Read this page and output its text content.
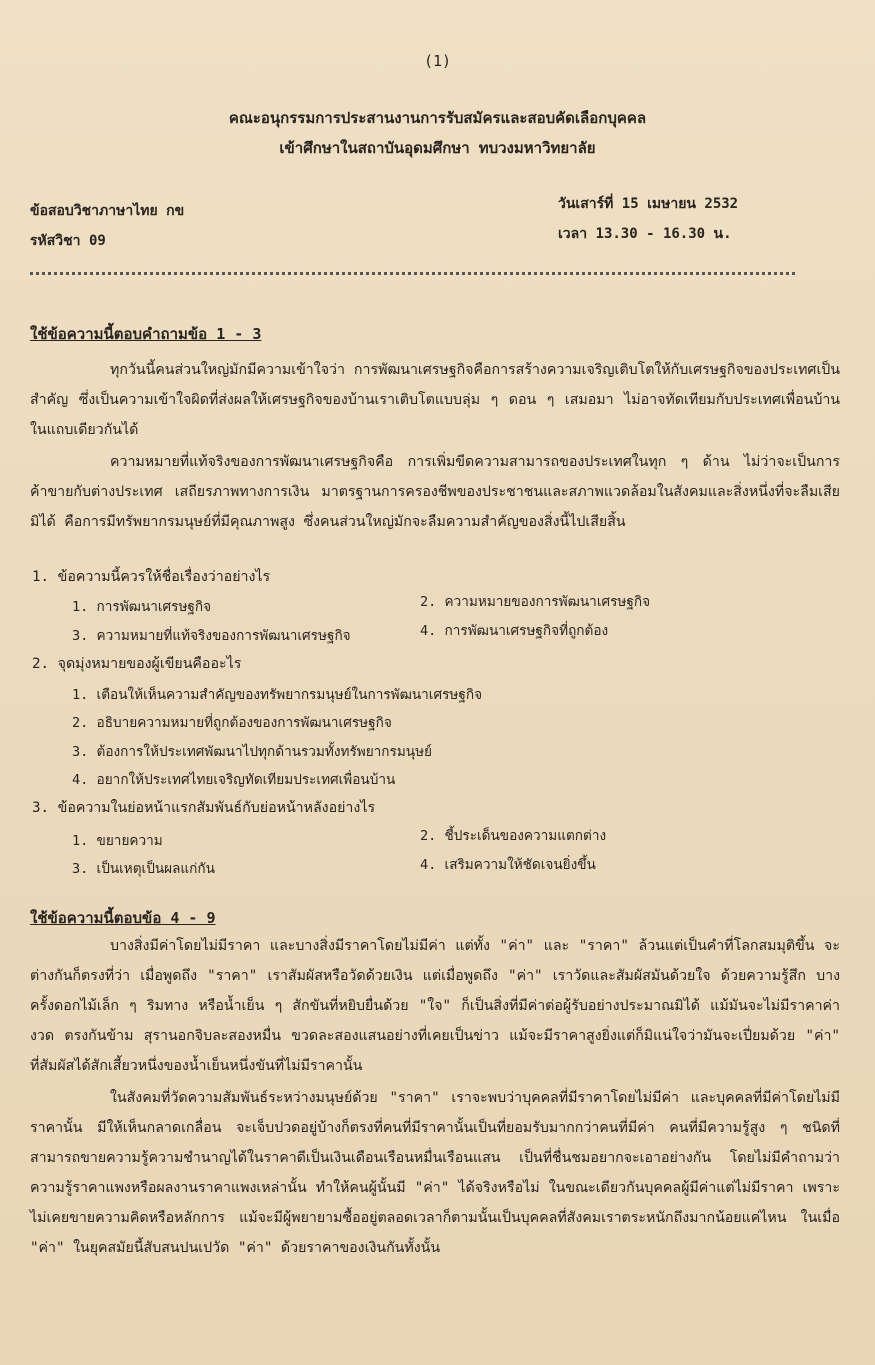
(1)
คณะอนุกรรมการประสานงานการรับสมัครและสอบคัดเลือกบุคคล
เข้าศึกษาในสถาบันอุดมศึกษา ทบวงมหาวิทยาลัย
ข้อสอบวิชาภาษาไทย กข
รหัสวิชา 09
วันเสาร์ที่ 15 เมษายน 2532
เวลา 13.30 - 16.30 น.
ใช้ข้อความนี้ตอบคำถามข้อ 1 - 3
ทุกวันนี้คนส่วนใหญ่มักมีความเข้าใจว่า การพัฒนาเศรษฐกิจคือการสร้างความเจริญเติบโตให้กับเศรษฐกิจของประเทศเป็นสำคัญ ซึ่งเป็นความเข้าใจผิดที่ส่งผลให้เศรษฐกิจของบ้านเราเติบโตแบบลุ่ม ๆ ดอน ๆ เสมอมา ไม่อาจทัดเทียมกับประเทศเพื่อนบ้านในแถบเดียวกันได้
ความหมายที่แท้จริงของการพัฒนาเศรษฐกิจคือ การเพิ่มขีดความสามารถของประเทศในทุก ๆ ด้าน ไม่ว่าจะเป็นการค้าขายกับต่างประเทศ เสถียรภาพทางการเงิน มาตรฐานการครองชีพของประชาชนและสภาพแวดล้อมในสังคมและสิ่งหนึ่งที่จะลืมเสียมิได้ คือการมีทรัพยากรมนุษย์ที่มีคุณภาพสูง ซึ่งคนส่วนใหญ่มักจะลืมความสำคัญของสิ่งนี้ไปเสียสิ้น
1. ข้อความนี้ควรให้ชื่อเรื่องว่าอย่างไร
1. การพัฒนาเศรษฐกิจ	2. ความหมายของการพัฒนาเศรษฐกิจ
3. ความหมายที่แท้จริงของการพัฒนาเศรษฐกิจ	4. การพัฒนาเศรษฐกิจที่ถูกต้อง
2. จุดมุ่งหมายของผู้เขียนคืออะไร
1. เตือนให้เห็นความสำคัญของทรัพยากรมนุษย์ในการพัฒนาเศรษฐกิจ
2. อธิบายความหมายที่ถูกต้องของการพัฒนาเศรษฐกิจ
3. ต้องการให้ประเทศพัฒนาไปทุกด้านรวมทั้งทรัพยากรมนุษย์
4. อยากให้ประเทศไทยเจริญทัดเทียมประเทศเพื่อนบ้าน
3. ข้อความในย่อหน้าแรกสัมพันธ์กับย่อหน้าหลังอย่างไร
1. ขยายความ	2. ชี้ประเด็นของความแตกต่าง
3. เป็นเหตุเป็นผลแก่กัน	4. เสริมความให้ชัดเจนยิ่งขึ้น
ใช้ข้อความนี้ตอบข้อ 4 - 9
บางสิ่งมีค่าโดยไม่มีราคา และบางสิ่งมีราคาโดยไม่มีค่า แต่ทั้ง "ค่า" และ "ราคา" ล้วนแต่เป็นคำที่โลกสมมุติขึ้น จะต่างกันก็ตรงที่ว่า เมื่อพูดถึง "ราคา" เราสัมผัสหรือวัดด้วยเงิน แต่เมื่อพูดถึง "ค่า" เราวัดและสัมผัสมันด้วยใจ ด้วยความรู้สึก บางครั้งดอกไม้เล็ก ๆ ริมทาง หรือน้ำเย็น ๆ สักขันที่หยิบยื่นด้วย "ใจ" ก็เป็นสิ่งที่มีค่าต่อผู้รับอย่างประมาณมิได้ แม้มันจะไม่มีราคาค่างวด ตรงกันข้าม สุรานอกจิบละสองหมื่น ขวดละสองแสนอย่างที่เคยเป็นข่าว แม้จะมีราคาสูงยิ่งแต่ก็มิแน่ใจว่ามันจะเปี่ยมด้วย "ค่า" ที่สัมผัสได้สักเสี้ยวหนึ่งของน้ำเย็นหนึ่งขันที่ไม่มีราคานั้น
ในสังคมที่วัดความสัมพันธ์ระหว่างมนุษย์ด้วย "ราคา" เราจะพบว่าบุคคลที่มีราคาโดยไม่มีค่า และบุคคลที่มีค่าโดยไม่มีราคานั้น มีให้เห็นกลาดเกลื่อน จะเจ็บปวดอยู่บ้างก็ตรงที่คนที่มีราคานั้นเป็นที่ยอมรับมากกว่าคนที่มีค่า คนที่มีความรู้สูง ๆ ชนิดที่สามารถขายความรู้ความชำนาญได้ในราคาดีเป็นเงินเดือนเรือนหมื่นเรือนแสน เป็นที่ชื่นชมอยากจะเอาอย่างกัน โดยไม่มีคำถามว่าความรู้ราคาแพงหรือผลงานราคาแพงเหล่านั้น ทำให้คนผู้นั้นมี "ค่า" ได้จริงหรือไม่ ในขณะเดียวกันบุคคลผู้มีค่าแต่ไม่มีราคา เพราะไม่เคยขายความคิดหรือหลักการ แม้จะมีผู้พยายามซื้ออยู่ตลอดเวลาก็ตามนั้นเป็นบุคคลที่สังคมเราตระหนักถึงมากน้อยแค่ไหน ในเมื่อ "ค่า" ในยุคสมัยนี้สับสนปนเปวัด "ค่า" ด้วยราคาของเงินกันทั้งนั้น
